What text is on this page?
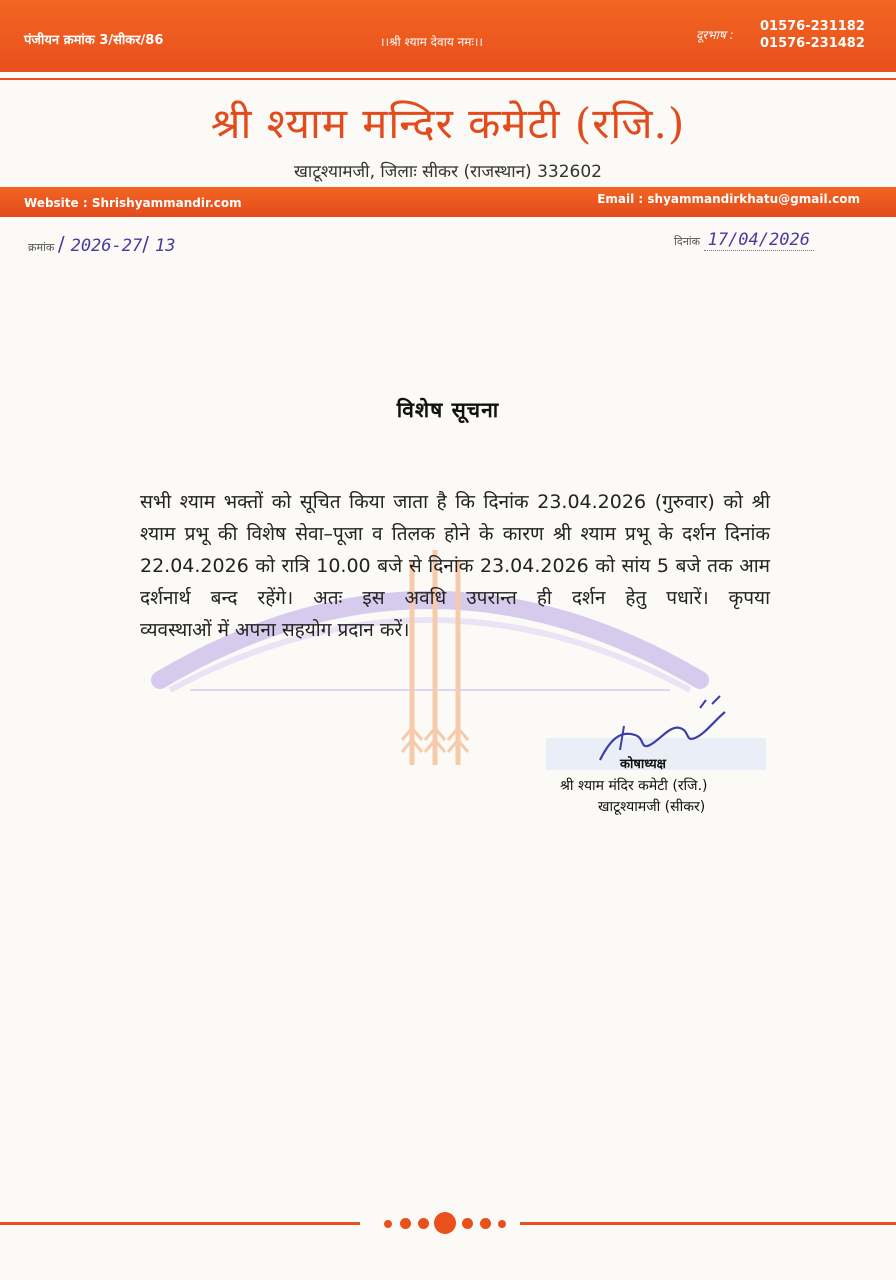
पंजीयन क्रमांक 3/सीकर/86	।।श्री श्याम देवाय नमः।।	दूरभाष :
01576-231182
01576-231482
श्री श्याम मन्दिर कमेटी (रजि.)
खाटूश्यामजी, जिलाः सीकर (राजस्थान) 332602
Website : Shrishyammandir.com	Email : shyammandirkhatu@gmail.com
क्रमांक / 2026-27/ 13	दिनांक 17/04/2026
विशेष सूचना
सभी श्याम भक्तों को सूचित किया जाता है कि दिनांक 23.04.2026 (गुरुवार) को श्री श्याम प्रभू की विशेष सेवा–पूजा व तिलक होने के कारण श्री श्याम प्रभू के दर्शन दिनांक 22.04.2026 को रात्रि 10.00 बजे से दिनांक 23.04.2026 को सांय 5 बजे तक आम दर्शनार्थ बन्द रहेंगे। अतः इस अवधि उपरान्त ही दर्शन हेतु पधारें। कृपया
व्यवस्थाओं में अपना सहयोग प्रदान करें।
कोषाध्यक्ष
श्री श्याम मंदिर कमेटी (रजि.)
खाटूश्यामजी (सीकर)
